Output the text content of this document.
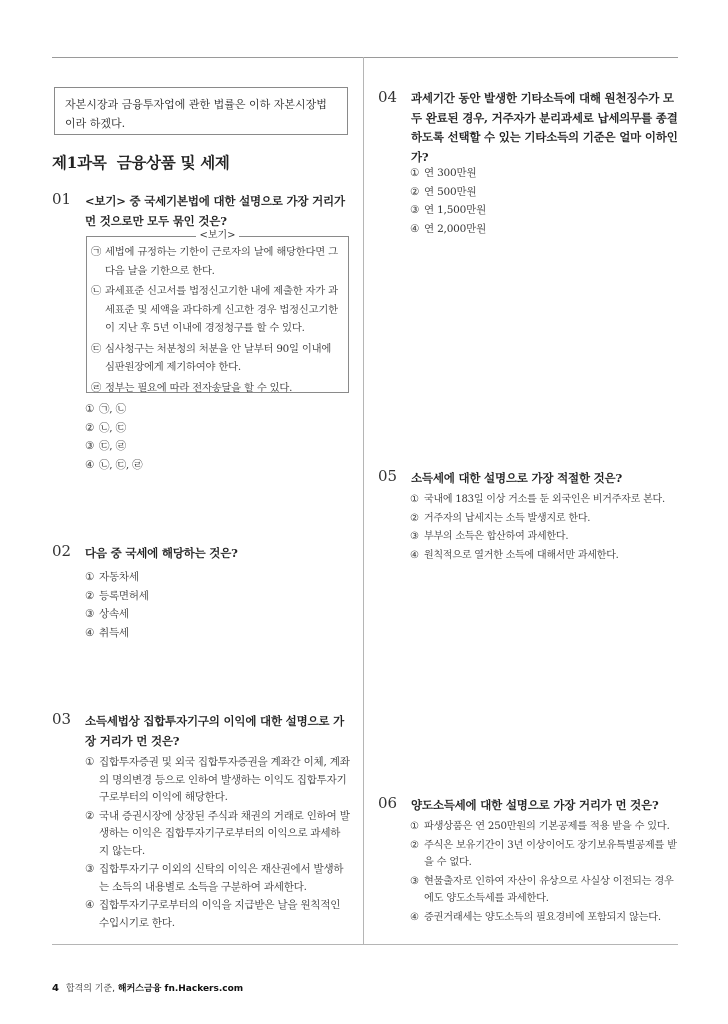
자본시장과 금융투자업에 관한 법률은 이하 자본시장법이라 하겠다.
제1과목  금융상품 및 세제
01 <보기> 중 국세기본법에 대한 설명으로 가장 거리가 먼 것으로만 모두 묶인 것은?
<보기>
㉠ 세법에 규정하는 기한이 근로자의 날에 해당한다면 그 다음 날을 기한으로 한다.
㉡ 과세표준 신고서를 법정신고기한 내에 제출한 자가 과세표준 및 세액을 과다하게 신고한 경우 법정신고기한이 지난 후 5년 이내에 경정청구를 할 수 있다.
㉢ 심사청구는 처분청의 처분을 안 날부터 90일 이내에 심판원장에게 제기하여야 한다.
㉣ 정부는 필요에 따라 전자송달을 할 수 있다.
① ㉠, ㉡
② ㉡, ㉢
③ ㉢, ㉣
④ ㉡, ㉢, ㉣
02 다음 중 국세에 해당하는 것은?
① 자동차세
② 등록면허세
③ 상속세
④ 취득세
03 소득세법상 집합투자기구의 이익에 대한 설명으로 가장 거리가 먼 것은?
① 집합투자증권 및 외국 집합투자증권을 계좌간 이체, 계좌의 명의변경 등으로 인하여 발생하는 이익도 집합투자기구로부터의 이익에 해당한다.
② 국내 증권시장에 상장된 주식과 채권의 거래로 인하여 발생하는 이익은 집합투자기구로부터의 이익으로 과세하지 않는다.
③ 집합투자기구 이외의 신탁의 이익은 재산권에서 발생하는 소득의 내용별로 소득을 구분하여 과세한다.
④ 집합투자기구로부터의 이익을 지급받은 날을 원칙적인 수입시기로 한다.
04 과세기간 동안 발생한 기타소득에 대해 원천징수가 모두 완료된 경우, 거주자가 분리과세로 납세의무를 종결하도록 선택할 수 있는 기타소득의 기준은 얼마 이하인가?
① 연 300만원
② 연 500만원
③ 연 1,500만원
④ 연 2,000만원
05 소득세에 대한 설명으로 가장 적절한 것은?
① 국내에 183일 이상 거소를 둔 외국인은 비거주자로 본다.
② 거주자의 납세지는 소득 발생지로 한다.
③ 부부의 소득은 합산하여 과세한다.
④ 원칙적으로 열거한 소득에 대해서만 과세한다.
06 양도소득세에 대한 설명으로 가장 거리가 먼 것은?
① 파생상품은 연 250만원의 기본공제를 적용 받을 수 있다.
② 주식은 보유기간이 3년 이상이어도 장기보유특별공제를 받을 수 없다.
③ 현물출자로 인하여 자산이 유상으로 사실상 이전되는 경우에도 양도소득세를 과세한다.
④ 증권거래세는 양도소득의 필요경비에 포함되지 않는다.
4 합격의 기준, 해커스금융 fn.Hackers.com
